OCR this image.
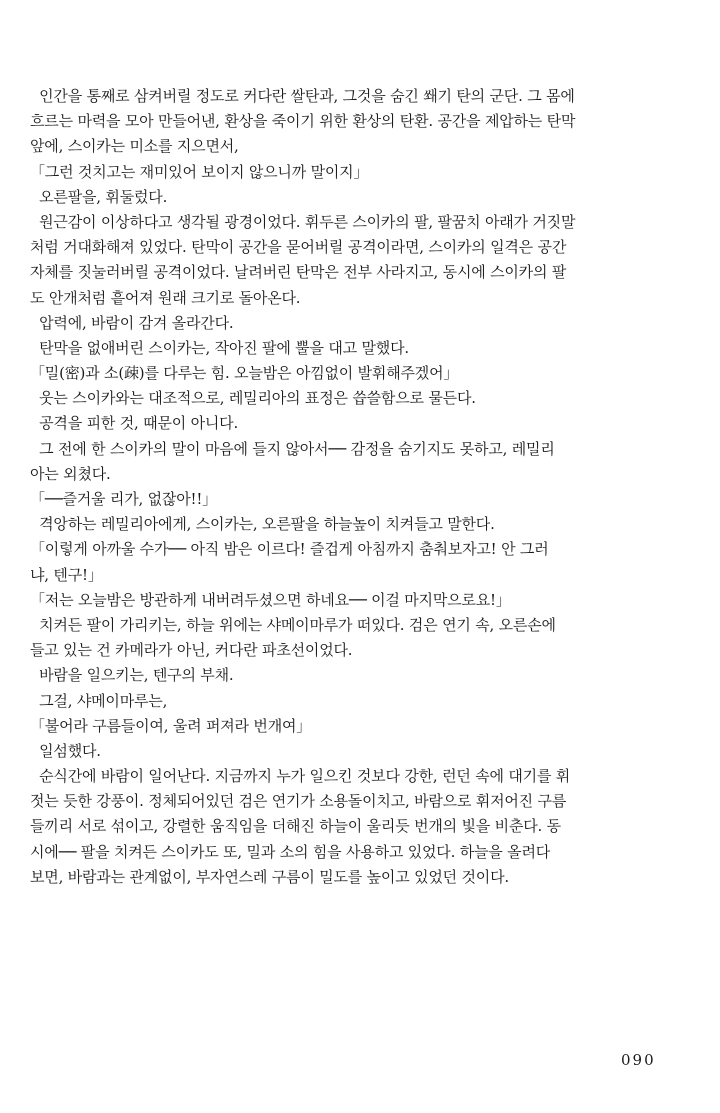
인간을 통째로 삼켜버릴 정도로 커다란 쌀탄과, 그것을 숨긴 쐐기 탄의 군단. 그 몸에
흐르는 마력을 모아 만들어낸, 환상을 죽이기 위한 환상의 탄환. 공간을 제압하는 탄막
앞에, 스이카는 미소를 지으면서,
「그런 것치고는 재미있어 보이지 않으니까 말이지」
오른팔을, 휘둘렀다.
원근감이 이상하다고 생각될 광경이었다. 휘두른 스이카의 팔, 팔꿈치 아래가 거짓말
처럼 거대화해져 있었다. 탄막이 공간을 묻어버릴 공격이라면, 스이카의 일격은 공간
자체를 짓눌러버릴 공격이었다. 날려버린 탄막은 전부 사라지고, 동시에 스이카의 팔
도 안개처럼 흩어져 원래 크기로 돌아온다.
압력에, 바람이 감겨 올라간다.
탄막을 없애버린 스이카는, 작아진 팔에 뿔을 대고 말했다.
「밀(密)과 소(疎)를 다루는 힘. 오늘밤은 아낌없이 발휘해주겠어」
웃는 스이카와는 대조적으로, 레밀리아의 표정은 씁쓸함으로 물든다.
공격을 피한 것, 때문이 아니다.
그 전에 한 스이카의 말이 마음에 들지 않아서── 감정을 숨기지도 못하고, 레밀리
아는 외쳤다.
「──즐거울 리가, 없잖아!!」
격앙하는 레밀리아에게, 스이카는, 오른팔을 하늘높이 치켜들고 말한다.
「이렇게 아까울 수가── 아직 밤은 이르다! 즐겁게 아침까지 춤춰보자고! 안 그러
냐, 텐구!」
「저는 오늘밤은 방관하게 내버려두셨으면 하네요── 이걸 마지막으로요!」
치켜든 팔이 가리키는, 하늘 위에는 샤메이마루가 떠있다. 검은 연기 속, 오른손에
들고 있는 건 카메라가 아닌, 커다란 파초선이었다.
바람을 일으키는, 텐구의 부채.
그걸, 샤메이마루는,
「불어라 구름들이여, 울려 퍼져라 번개여」
일섬했다.
순식간에 바람이 일어난다. 지금까지 누가 일으킨 것보다 강한, 런던 속에 대기를 휘
젓는 듯한 강풍이. 정체되어있던 검은 연기가 소용돌이치고, 바람으로 휘저어진 구름
들끼리 서로 섞이고, 강렬한 움직임을 더해진 하늘이 울리듯 번개의 빛을 비춘다. 동
시에── 팔을 치켜든 스이카도 또, 밀과 소의 힘을 사용하고 있었다. 하늘을 올려다
보면, 바람과는 관계없이, 부자연스레 구름이 밀도를 높이고 있었던 것이다.
090
